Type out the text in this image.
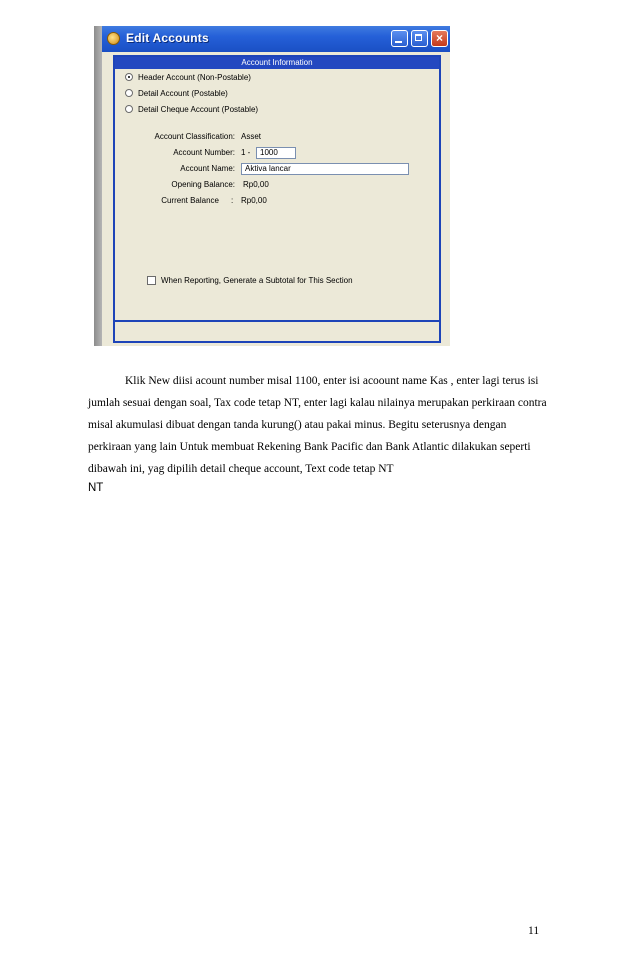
Edit Accounts	×
Account Information
Header Account (Non-Postable)
Detail Account (Postable)
Detail Cheque Account (Postable)
Account Classification: Asset
Account Number: 1 -	1000
Account Name:	Aktiva lancar
Opening Balance: Rp0,00
Current Balance : Rp0,00
When Reporting, Generate a Subtotal for This Section

Klik New diisi acount number misal 1100, enter isi acoount name Kas , enter lagi terus isi jumlah sesuai dengan soal, Tax code tetap NT, enter lagi kalau nilainya merupakan perkiraan contra misal akumulasi dibuat dengan tanda kurung() atau pakai minus. Begitu seterusnya dengan perkiraan yang lain Untuk membuat Rekening Bank Pacific dan Bank Atlantic dilakukan seperti dibawah ini, yag dipilih detail cheque account, Text code tetap NT

NT
11
